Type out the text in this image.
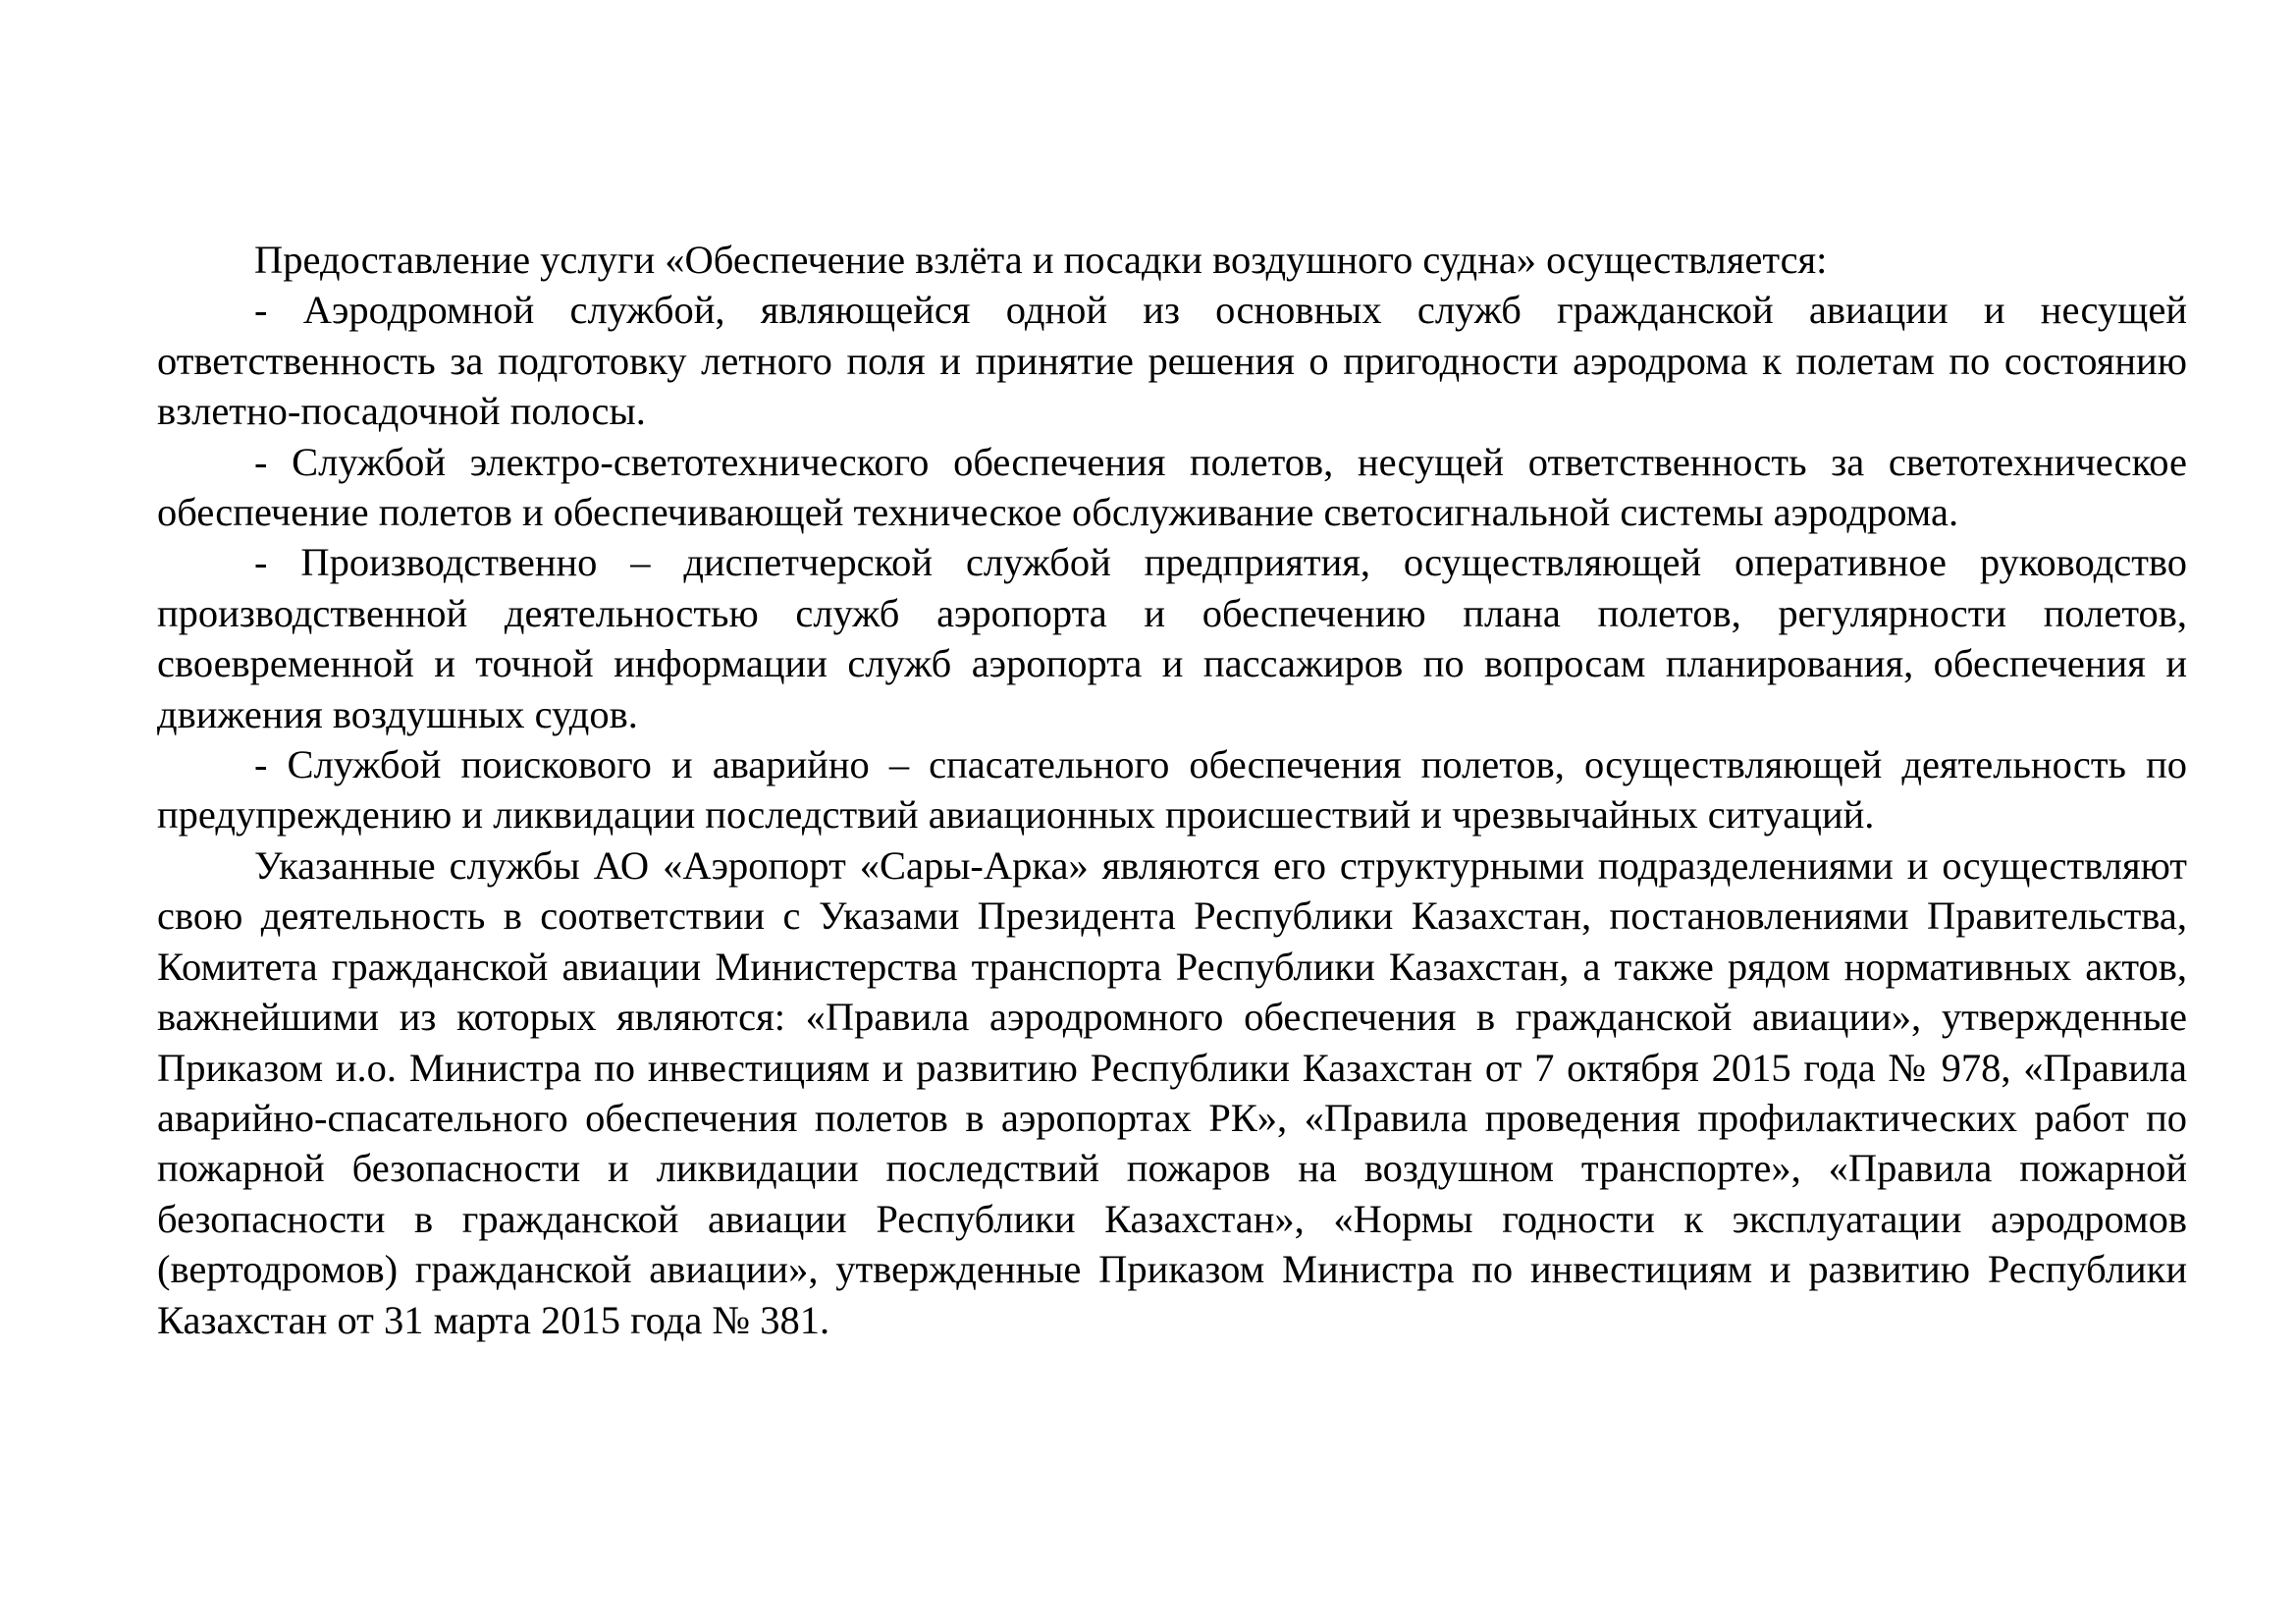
Предоставление услуги «Обеспечение взлёта и посадки воздушного судна» осуществляется:

- Аэродромной службой, являющейся одной из основных служб гражданской авиации и несущей ответственность за подготовку летного поля и принятие решения о пригодности аэродрома к полетам по состоянию взлетно-посадочной полосы.

- Службой электро-светотехнического обеспечения полетов, несущей ответственность за светотехническое обеспечение полетов и обеспечивающей техническое обслуживание светосигнальной системы аэродрома.

- Производственно – диспетчерской службой предприятия, осуществляющей оперативное руководство производственной деятельностью служб аэропорта и обеспечению плана полетов, регулярности полетов, своевременной и точной информации служб аэропорта и пассажиров по вопросам планирования, обеспечения и движения воздушных судов.

- Службой поискового и аварийно – спасательного обеспечения полетов, осуществляющей деятельность по предупреждению и ликвидации последствий авиационных происшествий и чрезвычайных ситуаций.

Указанные службы АО «Аэропорт «Сары-Арка» являются его структурными подразделениями и осуществляют свою деятельность в соответствии с Указами Президента Республики Казахстан, постановлениями Правительства, Комитета гражданской авиации Министерства транспорта Республики Казахстан, а также рядом нормативных актов, важнейшими из которых являются: «Правила аэродромного обеспечения в гражданской авиации», утвержденные Приказом и.о. Министра по инвестициям и развитию Республики Казахстан от 7 октября 2015 года № 978, «Правила аварийно-спасательного обеспечения полетов в аэропортах РК», «Правила проведения профилактических работ по пожарной безопасности и ликвидации последствий пожаров на воздушном транспорте», «Правила пожарной безопасности в гражданской авиации Республики Казахстан», «Нормы годности к эксплуатации аэродромов (вертодромов) гражданской авиации», утвержденные Приказом Министра по инвестициям и развитию Республики Казахстан от 31 марта 2015 года № 381.
